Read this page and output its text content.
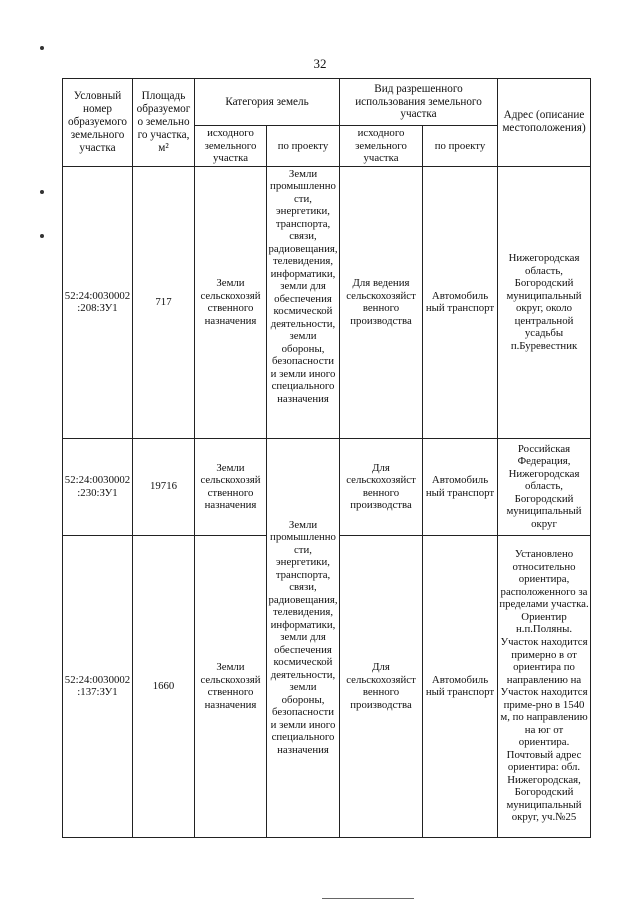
32
Условный номер образуемого земельного участка	Площадь образуемого земельно го участка, м²	Категория земель		Вид разрешенного использования земельного участка		Адрес (описание местоположения)
		исходного земельного участка	по проекту	исходного земельного участка	по проекту	
52:24:0030002 :208:ЗУ1	717	Земли сельскохозяй ственного назначения	Земли промышленно сти, энергетики, транспорта, связи, радиовещания, телевидения, информатики, земли для обеспечения космической деятельности, земли обороны, безопасности и земли иного специального назначения	Для ведения сельскохозяйст венного производства	Автомобиль ный транспорт	Нижегородская область, Богородский муниципальный округ, около центральной усадьбы п.Буревестник
52:24:0030002 :230:ЗУ1	19716	Земли сельскохозяй ственного назначения	Земли промышленно сти, энергетики, транспорта, связи, радиовещания, телевидения, информатики, земли для обеспечения космической деятельности, земли обороны, безопасности и земли иного специального назначения	Для сельскохозяйст венного производства	Автомобиль ный транспорт	Российская Федерация, Нижегородская область, Богородский муниципальный округ
52:24:0030002 :137:ЗУ1	1660	Земли сельскохозяй ственного назначения		Для сельскохозяйст венного производства	Автомобиль ный транспорт	Установлено относительно ориентира, расположенного за пределами участка. Ориентир н.п.Поляны. Участок находится примерно в от ориентира по направлению на Участок находится приме-рно в 1540 м, по направлению на юг от ориентира. Почтовый адрес ориентира: обл. Нижегородская, Богородский муниципальный округ, уч.№25
